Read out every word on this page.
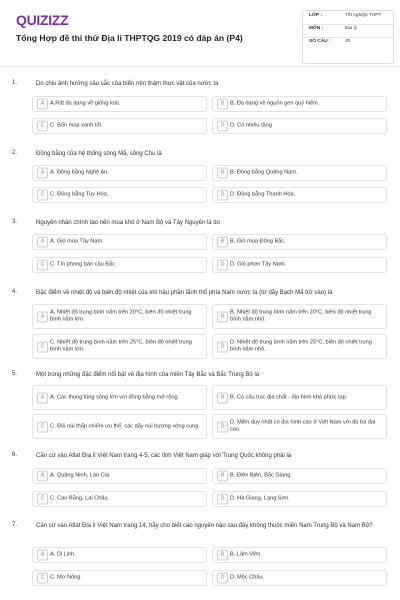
QUIZIZZ
Tổng Hợp đề thi thử Địa lí THPTQG 2019 có đáp án (P4)
LỚP :	Tốt nghiệp THPT
MÔN :	Địa lý
SỐ CÂU :	40
1.	Do chịu ảnh hưởng sâu sắc của biển nên thảm thực vật của nước ta
A	A.Rất đa dạng về giống loài.	B	B. Đa dạng về nguồn gen quý hiếm.
C	C. Bốn mùa xanh tốt.	D	D. Có nhiều tầng
2.	Đồng bằng của hệ thống sông Mã, sông Chu là
A	A. Đồng bằng Nghệ An.	B	B. Đồng bằng Quảng Nam.
C	C. Đồng bằng Tuy Hòa.	D	D. Đồng bằng Thanh Hóa.
3.	Nguyên nhân chính tạo nên mùa khô ở Nam Bộ và Tây Nguyên là do
A	A. Gió mùa Tây Nam.	B	B. Gió mùa Đông Bắc.
C	C. Tín phong bán cầu Bắc.	D	D. Gió phơn Tây Nam.
4.	Đặc điểm về nhiệt độ và biên độ nhiệt của khí hậu phần lãnh thổ phía Nam nước ta (từ dãy Bạch Mã trở vào) là
A
A. Nhiệt độ trung bình năm trên 20°C, biên độ nhiệt trung bình năm lớn.
B
B. Nhiệt độ trung bình năm trên 20°C, biên độ nhiệt trung bình năm nhỏ.
C
C. Nhiệt độ trung bình năm trên 25°C, biên độ nhiệt trung bình năm lớn.
D
D. Nhiệt độ trung bình năm trên 25°C, biên độ nhiệt trung bình năm nhỏ.
5.	Một trong những đặc điểm nổi bật về địa hình của miền Tây Bắc và Bắc Trung Bộ là
A	A. Các thung lũng sông lớn với đồng bằng mở rộng.	B	B. Có cấu trúc địa chất - địa hình khá phức tạp.
C	C. Đồi núi thấp chiếm ưu thế, các dãy núi hướng vòng cung.	D
D. Miền duy nhất có địa hình cao ở Việt Nam với đủ ba đai cao.
6.	Căn cứ vào Atlat Địa lí Việt Nam trang 4-5, các tỉnh Việt Nam giáp với Trung Quốc không phải là
A	A. Quảng Ninh, Lào Cai.	B	B. Điện Biên, Bắc Giang.
C	C. Cao Bằng, Lai Châu.	D	D. Hà Giang, Lạng Sơn.
7.	Căn cứ vào Atlat Địa lí Việt Nam trang 14, hãy cho biết cao nguyên nào sau đây không thuộc miền Nam Trung Bộ và Nam Bộ?
A	A. Di Linh.	B	B. Lâm Viên.
C	C. Mơ Nông.	D	D. Mộc Châu.
